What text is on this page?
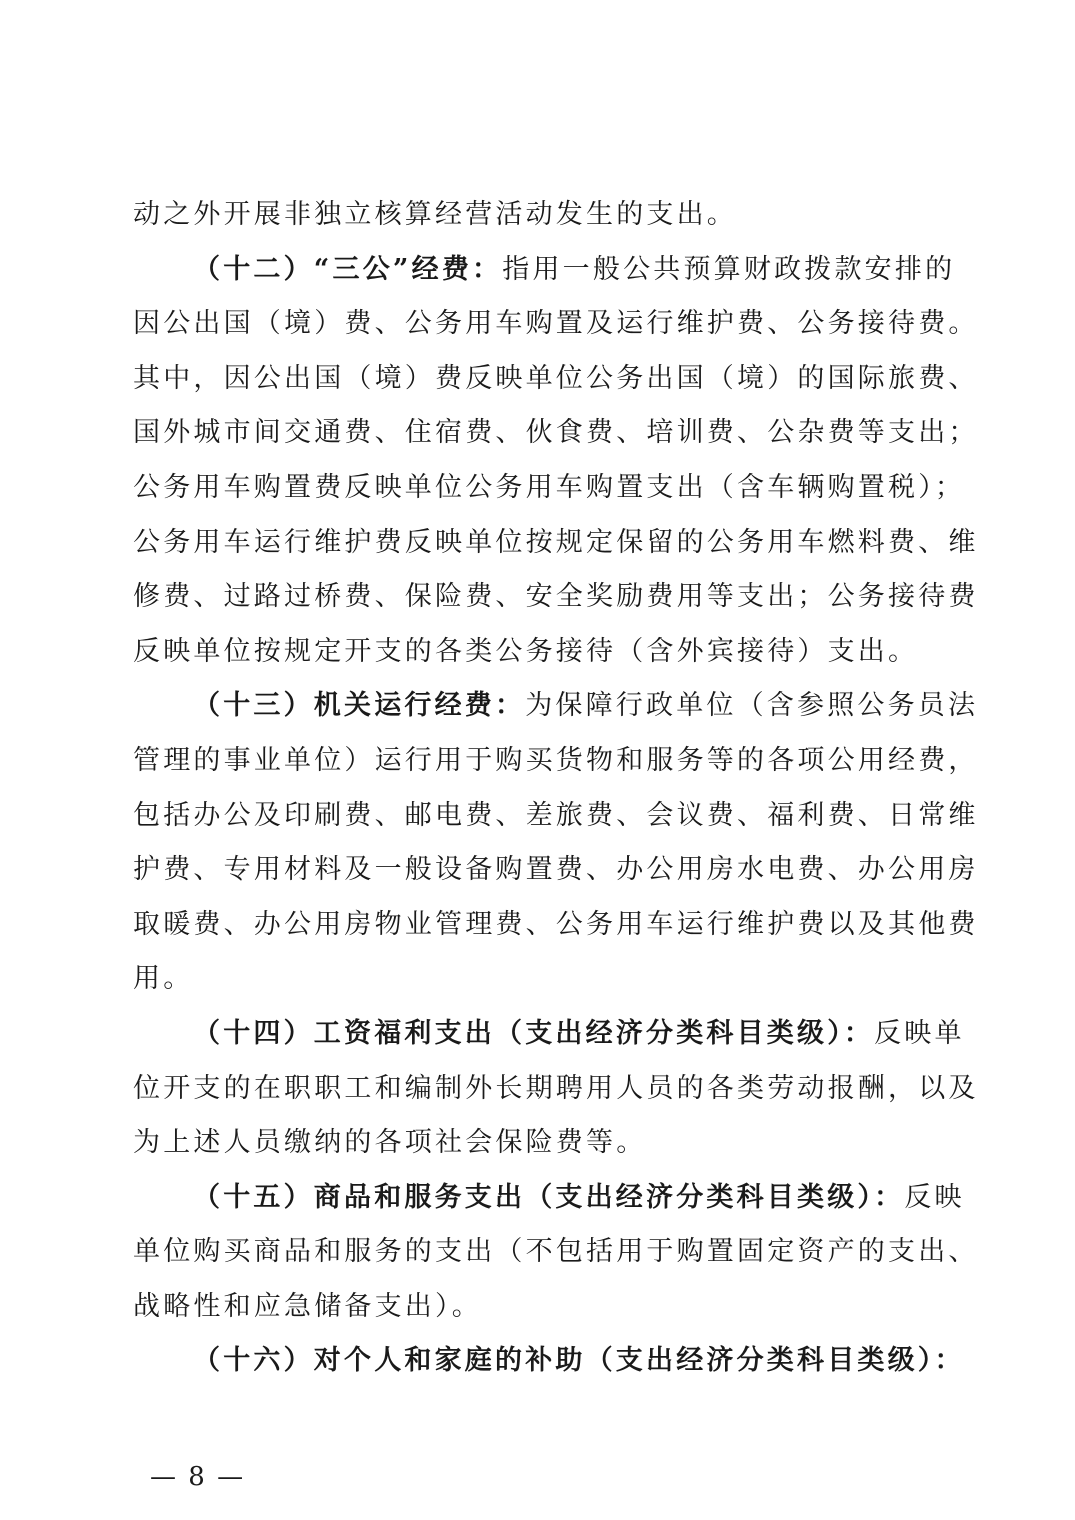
动之外开展非独立核算经营活动发生的支出。
（十二）“三公”经费：指用一般公共预算财政拨款安排的
因公出国（境）费、公务用车购置及运行维护费、公务接待费。
其中，因公出国（境）费反映单位公务出国（境）的国际旅费、
国外城市间交通费、住宿费、伙食费、培训费、公杂费等支出；
公务用车购置费反映单位公务用车购置支出（含车辆购置税）；
公务用车运行维护费反映单位按规定保留的公务用车燃料费、维
修费、过路过桥费、保险费、安全奖励费用等支出；公务接待费
反映单位按规定开支的各类公务接待（含外宾接待）支出。
（十三）机关运行经费：为保障行政单位（含参照公务员法
管理的事业单位）运行用于购买货物和服务等的各项公用经费，
包括办公及印刷费、邮电费、差旅费、会议费、福利费、日常维
护费、专用材料及一般设备购置费、办公用房水电费、办公用房
取暖费、办公用房物业管理费、公务用车运行维护费以及其他费
用。
（十四）工资福利支出（支出经济分类科目类级）：反映单
位开支的在职职工和编制外长期聘用人员的各类劳动报酬，以及
为上述人员缴纳的各项社会保险费等。
（十五）商品和服务支出（支出经济分类科目类级）：反映
单位购买商品和服务的支出（不包括用于购置固定资产的支出、
战略性和应急储备支出）。
（十六）对个人和家庭的补助（支出经济分类科目类级）：
— 8 —
